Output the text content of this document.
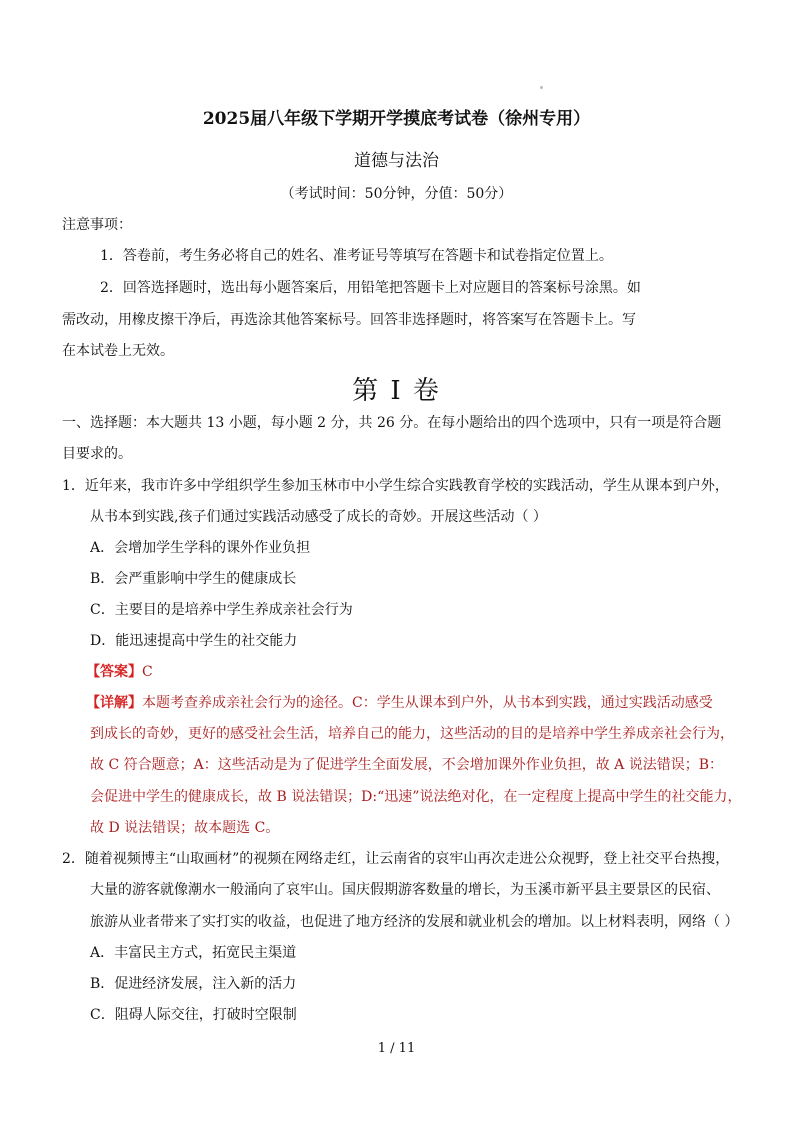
2025届八年级下学期开学摸底考试卷（徐州专用）
道德与法治
（考试时间：50分钟，分值：50分）
注意事项：
1．答卷前，考生务必将自己的姓名、准考证号等填写在答题卡和试卷指定位置上。
2．回答选择题时，选出每小题答案后，用铅笔把答题卡上对应题目的答案标号涂黑。如
需改动，用橡皮擦干净后，再选涂其他答案标号。回答非选择题时，将答案写在答题卡上。写
在本试卷上无效。
第 I 卷
一、选择题：本大题共 13 小题，每小题 2 分，共 26 分。在每小题给出的四个选项中，只有一项是符合题
目要求的。
1．近年来，我市许多中学组织学生参加玉林市中小学生综合实践教育学校的实践活动，学生从课本到户外，
从书本到实践,孩子们通过实践活动感受了成长的奇妙。开展这些活动（ ）
A．会增加学生学科的课外作业负担
B．会严重影响中学生的健康成长
C．主要目的是培养中学生养成亲社会行为
D．能迅速提高中学生的社交能力
【答案】C
【详解】本题考查养成亲社会行为的途径。C：学生从课本到户外，从书本到实践，通过实践活动感受
到成长的奇妙，更好的感受社会生活，培养自己的能力，这些活动的目的是培养中学生养成亲社会行为，
故 C 符合题意；A：这些活动是为了促进学生全面发展，不会增加课外作业负担，故 A 说法错误；B：
会促进中学生的健康成长，故 B 说法错误；D:“迅速”说法绝对化，在一定程度上提高中学生的社交能力，
故 D 说法错误；故本题选 C。
2．随着视频博主“山取画材”的视频在网络走红，让云南省的哀牢山再次走进公众视野，登上社交平台热搜，
大量的游客就像潮水一般涌向了哀牢山。国庆假期游客数量的增长，为玉溪市新平县主要景区的民宿、
旅游从业者带来了实打实的收益，也促进了地方经济的发展和就业机会的增加。以上材料表明，网络（ ）
A．丰富民主方式，拓宽民主渠道
B．促进经济发展，注入新的活力
C．阻碍人际交往，打破时空限制
1 / 11
